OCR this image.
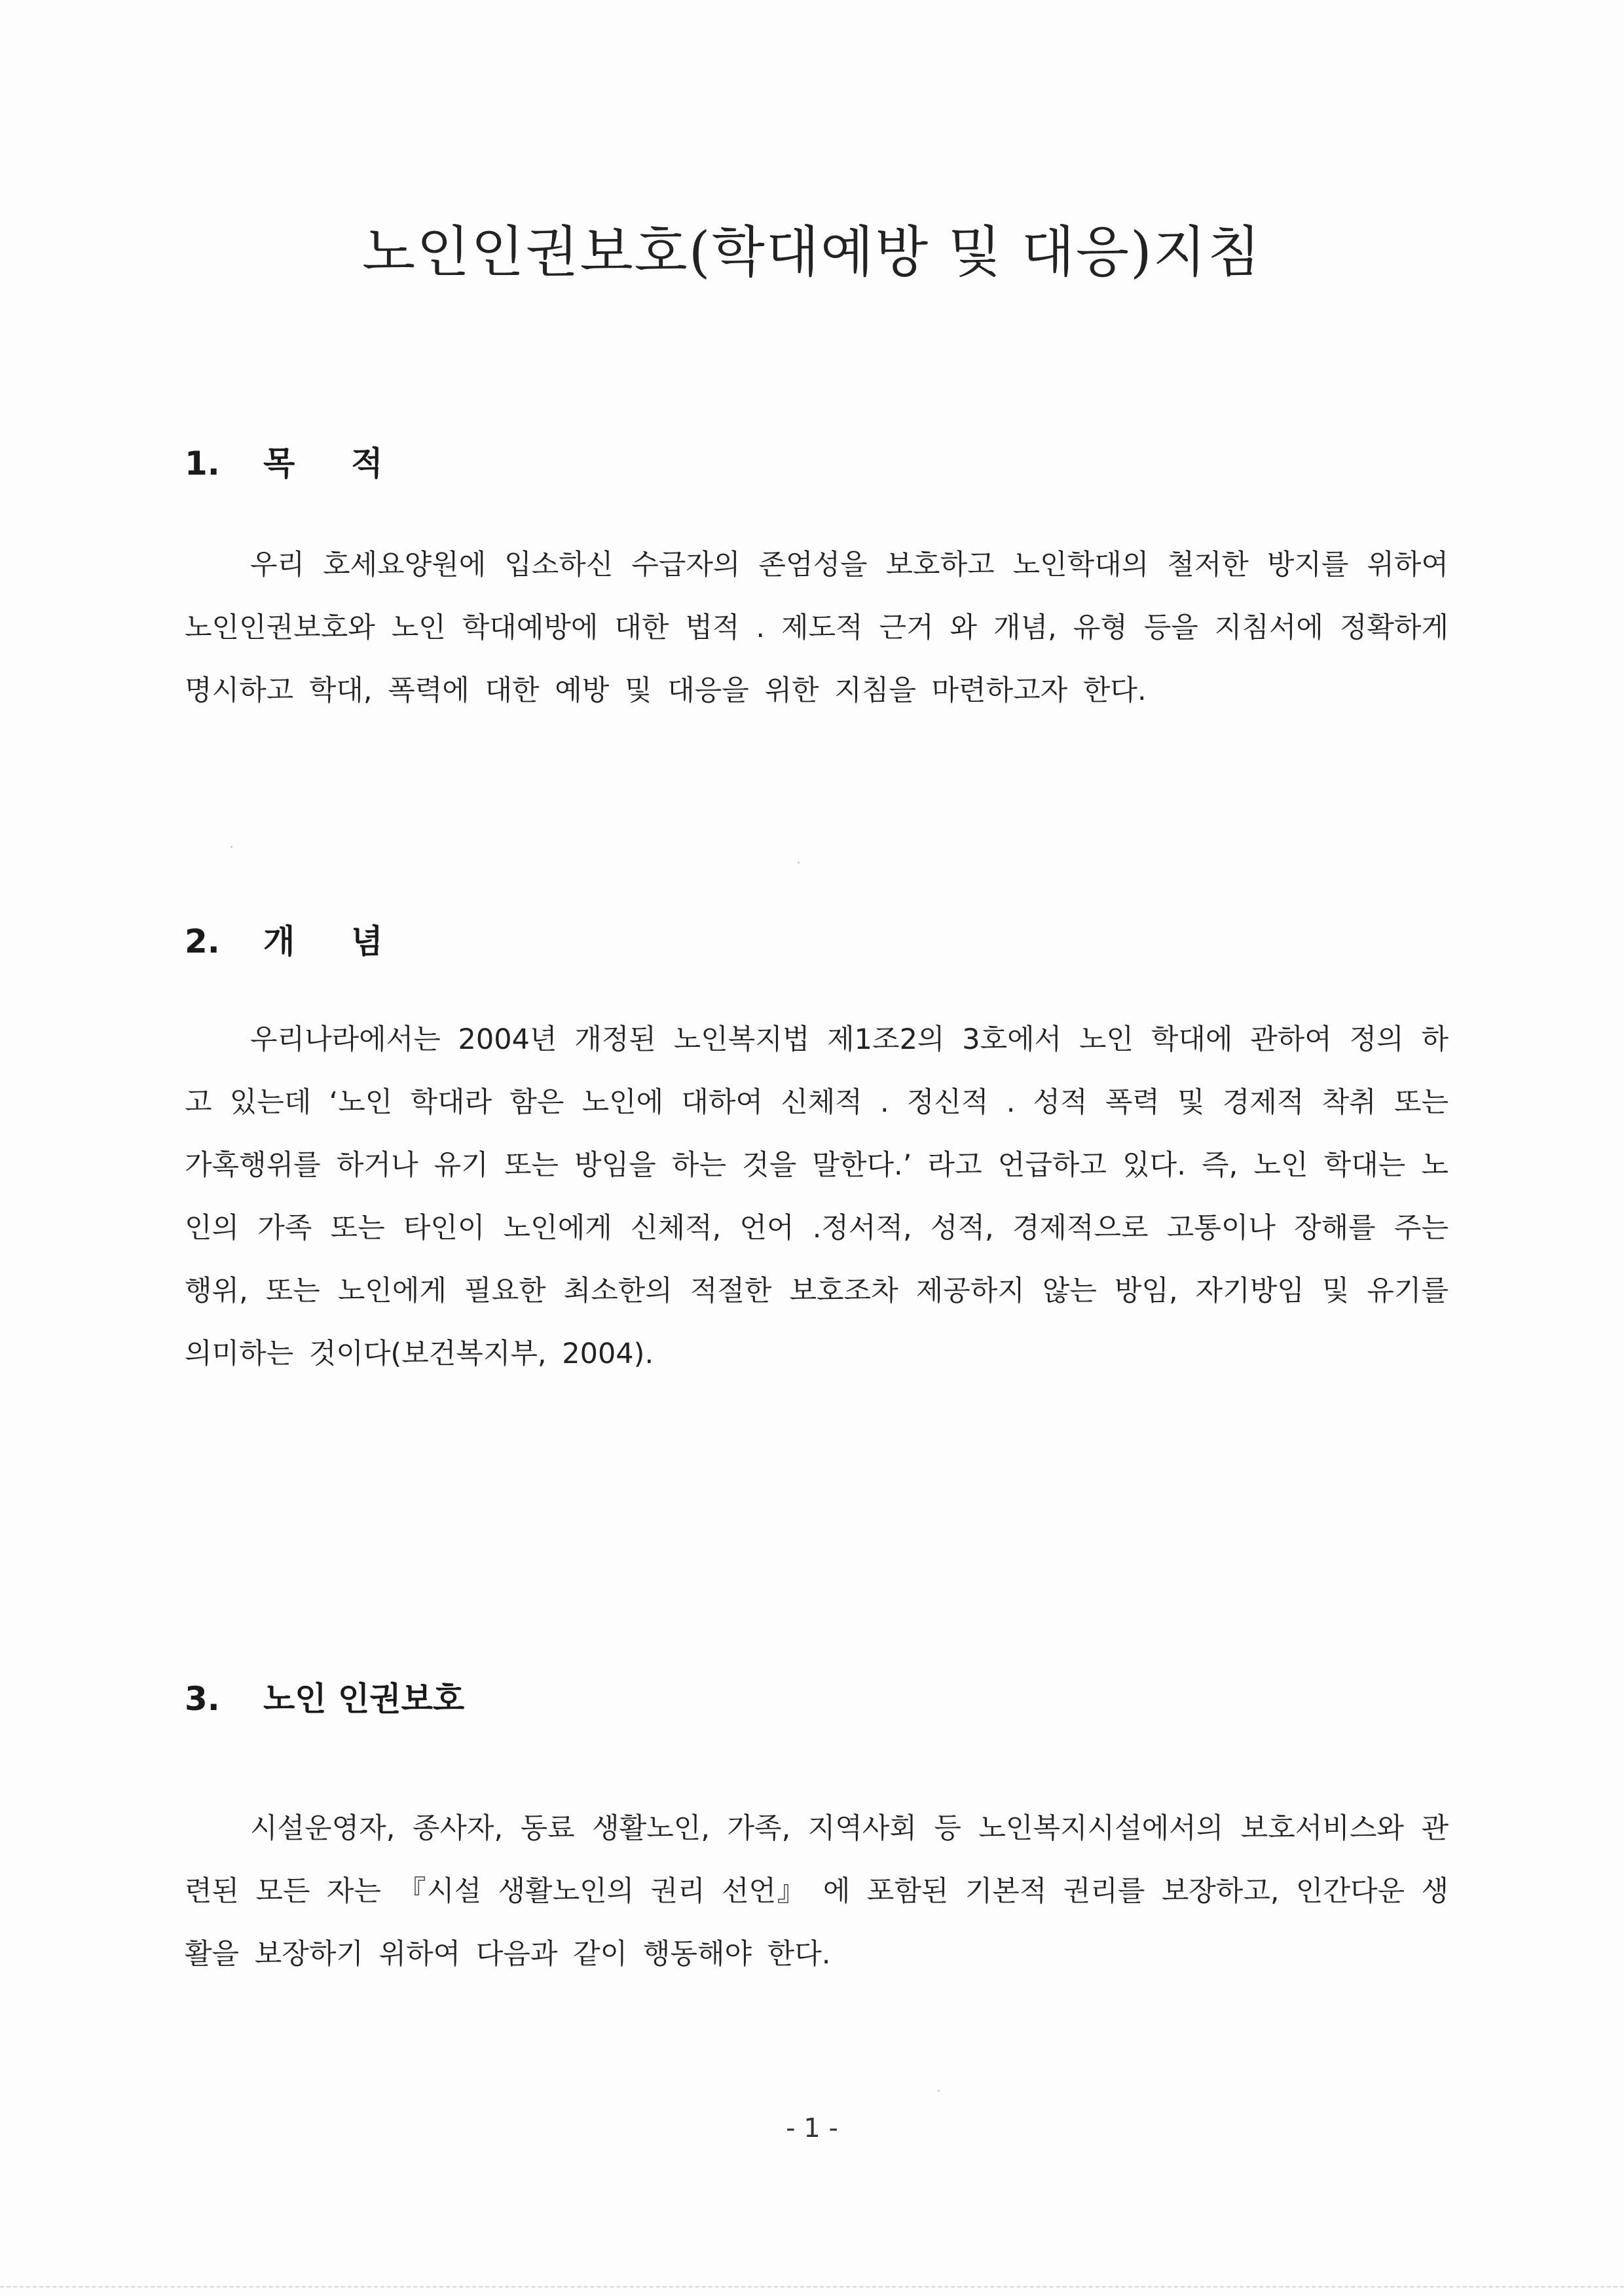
노인인권보호(학대예방 및 대응)지침
1. 목적

우리 호세요양원에 입소하신 수급자의 존엄성을 보호하고 노인학대의 철저한 방지를 위하여 노인인권보호와 노인 학대예방에 대한 법적 . 제도적 근거 와 개념, 유형 등을 지침서에 정확하게 명시하고 학대, 폭력에 대한 예방 및 대응을 위한 지침을 마련하고자 한다.

2. 개념

우리나라에서는 2004년 개정된 노인복지법 제1조2의 3호에서 노인 학대에 관하여 정의 하고 있는데 ‘노인 학대라 함은 노인에 대하여 신체적 . 정신적 . 성적 폭력 및 경제적 착취 또는 가혹행위를 하거나 유기 또는 방임을 하는 것을 말한다.’ 라고 언급하고 있다. 즉, 노인 학대는 노인의 가족 또는 타인이 노인에게 신체적, 언어 .정서적, 성적, 경제적으로 고통이나 장해를 주는 행위, 또는 노인에게 필요한 최소한의 적절한 보호조차 제공하지 않는 방임, 자기방임 및 유기를 의미하는 것이다(보건복지부, 2004).

3. 노인 인권보호

시설운영자, 종사자, 동료 생활노인, 가족, 지역사회 등 노인복지시설에서의 보호서비스와 관련된 모든 자는 『시설 생활노인의 권리 선언』 에 포함된 기본적 권리를 보장하고, 인간다운 생활을 보장하기 위하여 다음과 같이 행동해야 한다.

- 1 -
